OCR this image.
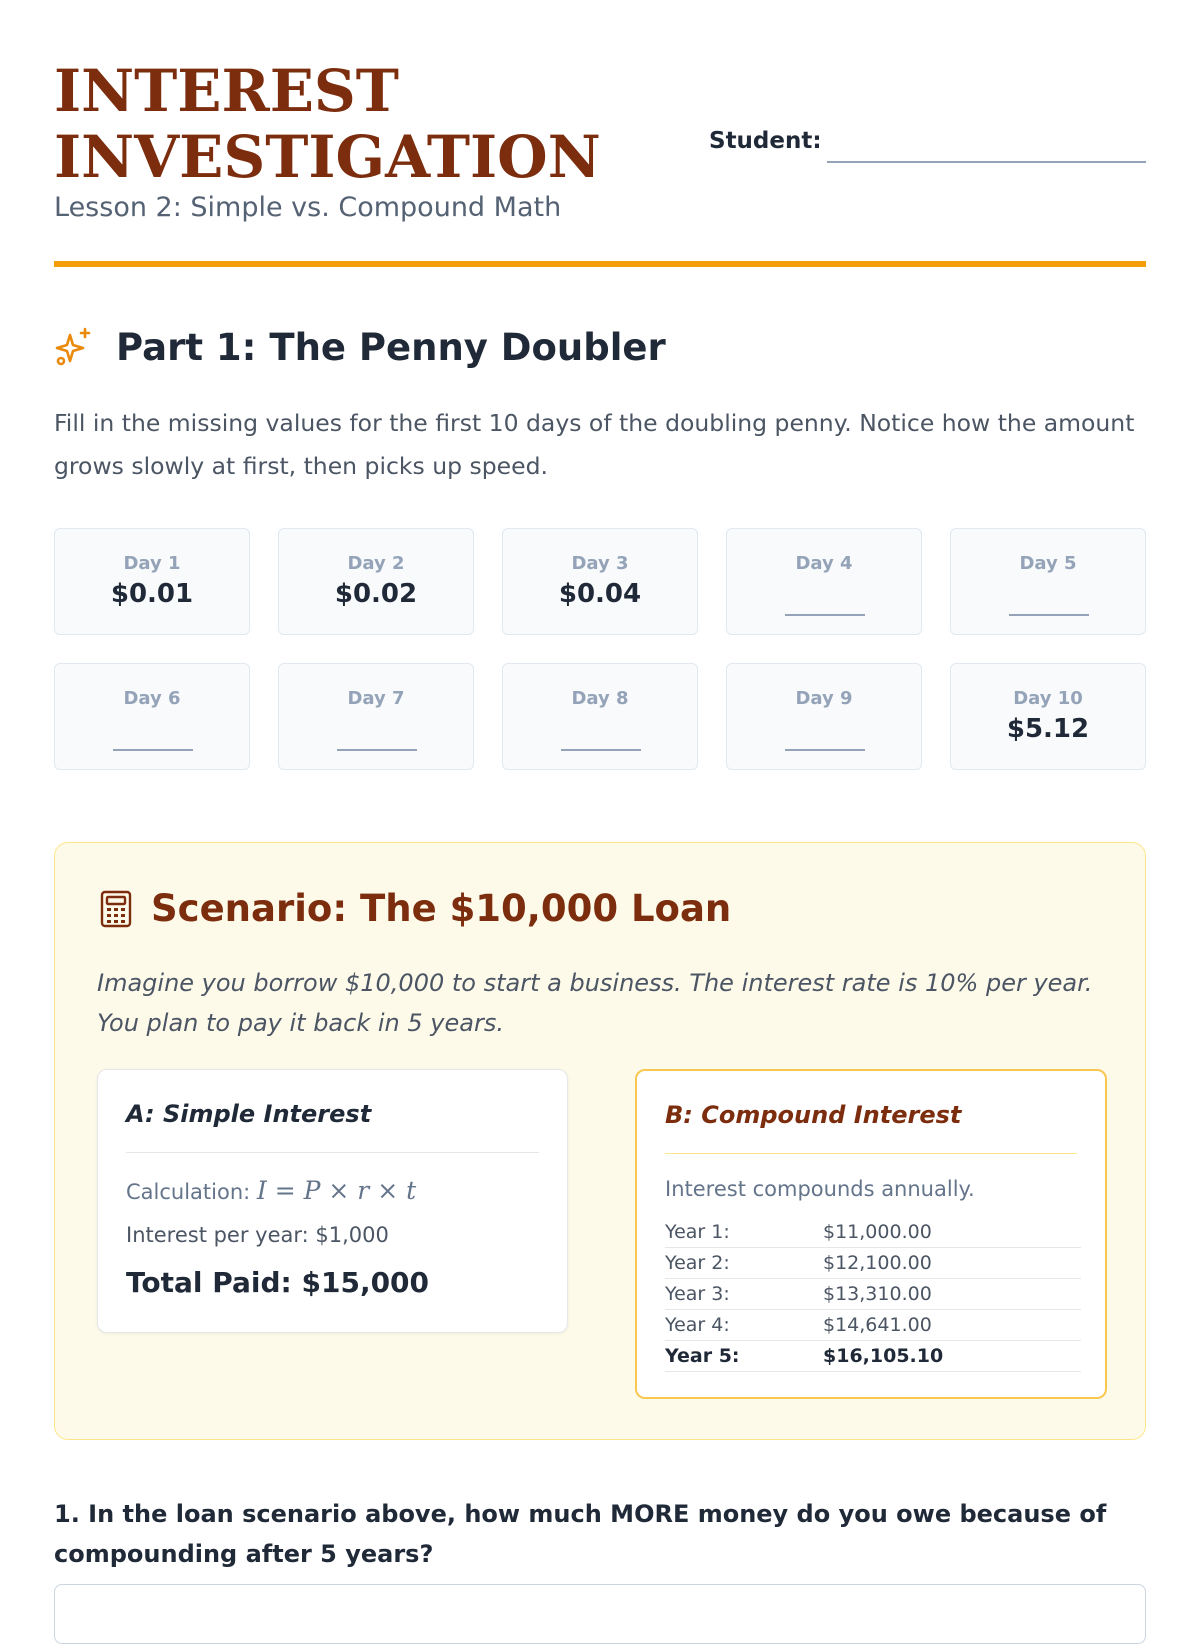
INTEREST
INVESTIGATION

Lesson 2: Simple vs. Compound Math

Student:
Part 1: The Penny Doubler

Fill in the missing values for the first 10 days of the doubling penny. Notice how the amount grows slowly at first, then picks up speed.

Day 1
$0.01
Day 2
$0.02
Day 3
$0.04
Day 4	Day 5
Day 6	Day 7	Day 8	Day 9	Day 10
$5.12
Scenario: The $10,000 Loan

Imagine you borrow $10,000 to start a business. The interest rate is 10% per year. You plan to pay it back in 5 years.

A: Simple Interest
Calculation: I = P × r × t
Interest per year: $1,000
Total Paid: $15,000
B: Compound Interest
Interest compounds annually.
Year 1:	$11,000.00
Year 2:	$12,100.00
Year 3:	$13,310.00
Year 4:	$14,641.00
Year 5:	$16,105.10

1. In the loan scenario above, how much MORE money do you owe because of compounding after 5 years?
